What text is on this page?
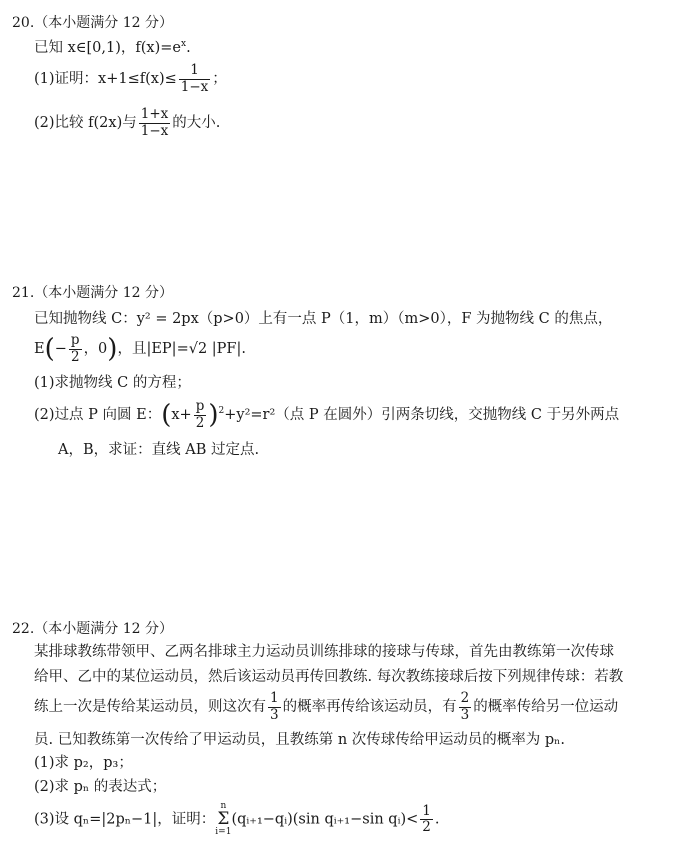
20.（本小题满分 12 分）
已知 x∈[0,1)，$f(x)=e^x$.
(1)证明：$x+1\le f(x)\le \frac{1}{1-x}$ ；
(2)比较 f(2x)与 $\frac{1+x}{1-x}$ 的大小.
21.（本小题满分 12 分）
已知抛物线 C：y² = 2px（p>0）上有一点 P（1，m）（m>0），F 为抛物线 C 的焦点，
$E(- \frac{p}{2}$ ，0)，且|EP|=√2 |PF|.
(1)求抛物线 C 的方程；
(2)过点 P 向圆 E：$(x+ \frac{p}{2} )^2+y^2=r^2$（点 P 在圆外）引两条切线，交抛物线 C 于另外两点
A，B，求证：直线 AB 过定点.
22.（本小题满分 12 分）
某排球教练带领甲、乙两名排球主力运动员训练排球的接球与传球，首先由教练第一次传球
给甲、乙中的某位运动员，然后该运动员再传回教练. 每次教练接球后按下列规律传球：若教
练上一次是传给某运动员，则这次有 $\frac{1}{3}$ 的概率再传给该运动员，有 $\frac{2}{3}$ 的概率传给另一位运动
员. 已知教练第一次传给了甲运动员，且教练第 n 次传球传给甲运动员的概率为 pₙ.
(1)求 p₂，p₃；
(2)求 pₙ 的表达式；
(3)设 qₙ=|2pₙ−1|，证明：n
Σ
i=1(qᵢ₊₁−qᵢ)(sin qᵢ₊₁−sin qᵢ)< $\frac{1}{2}$ .
